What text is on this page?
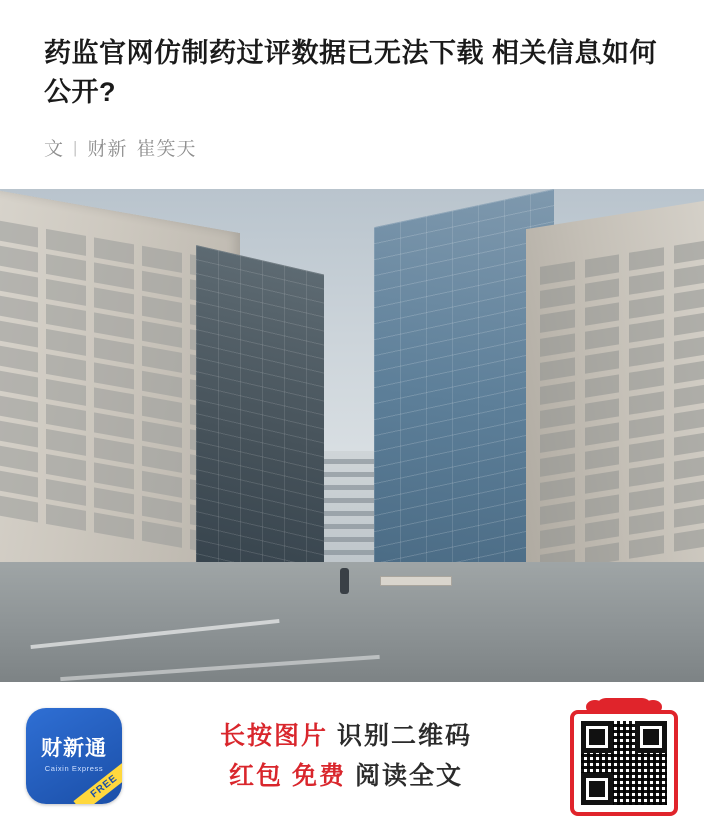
药监官网仿制药过评数据已无法下载 相关信息如何公开?
文 | 财新 崔笑天
财新通
Caixin Express
FREE
长按图片 识别二维码
红包 免费 阅读全文
